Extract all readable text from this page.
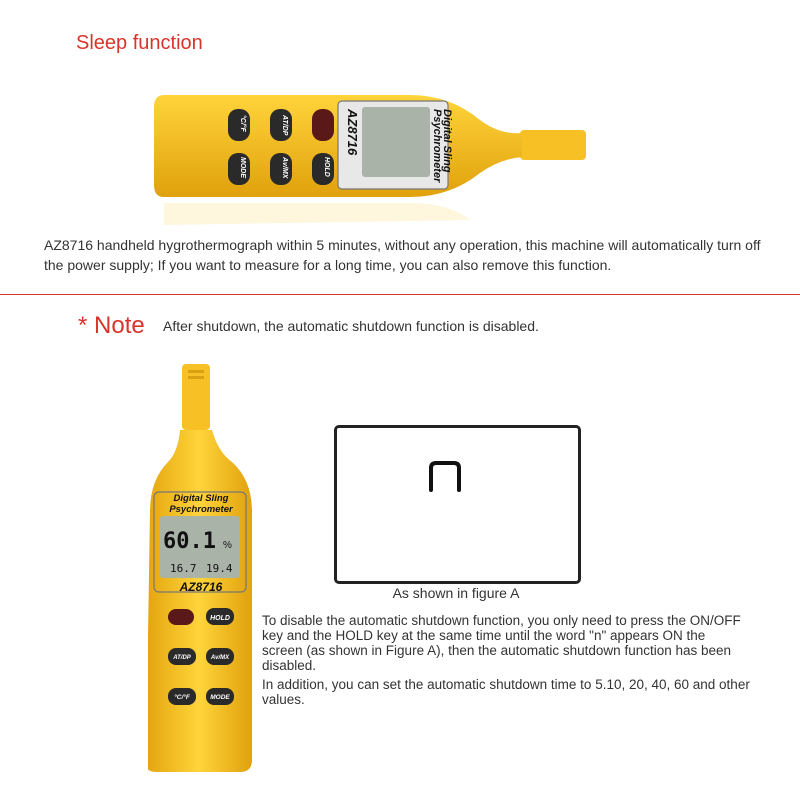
Sleep function
Digital Sling
Psychrometer
AZ8716
°C/°F	AT/DP
MODE	Av/MX	HOLD
AZ8716 handheld hygrothermograph within 5 minutes, without any operation, this machine will automatically turn off the power supply; If you want to measure for a long time, you can also remove this function.
* Note After shutdown, the automatic shutdown function is disabled.
Digital Sling
Psychrometer
60.1 %
16.7 19.4
AZ8716
HOLD
AT/DP	Av/MX
°C/°F	MODE
As shown in figure A
To disable the automatic shutdown function, you only need to press the ON/OFF key and the HOLD key at the same time until the word "n" appears ON the screen (as shown in Figure A), then the automatic shutdown function has been disabled.
In addition, you can set the automatic shutdown time to 5.10, 20, 40, 60 and other values.
